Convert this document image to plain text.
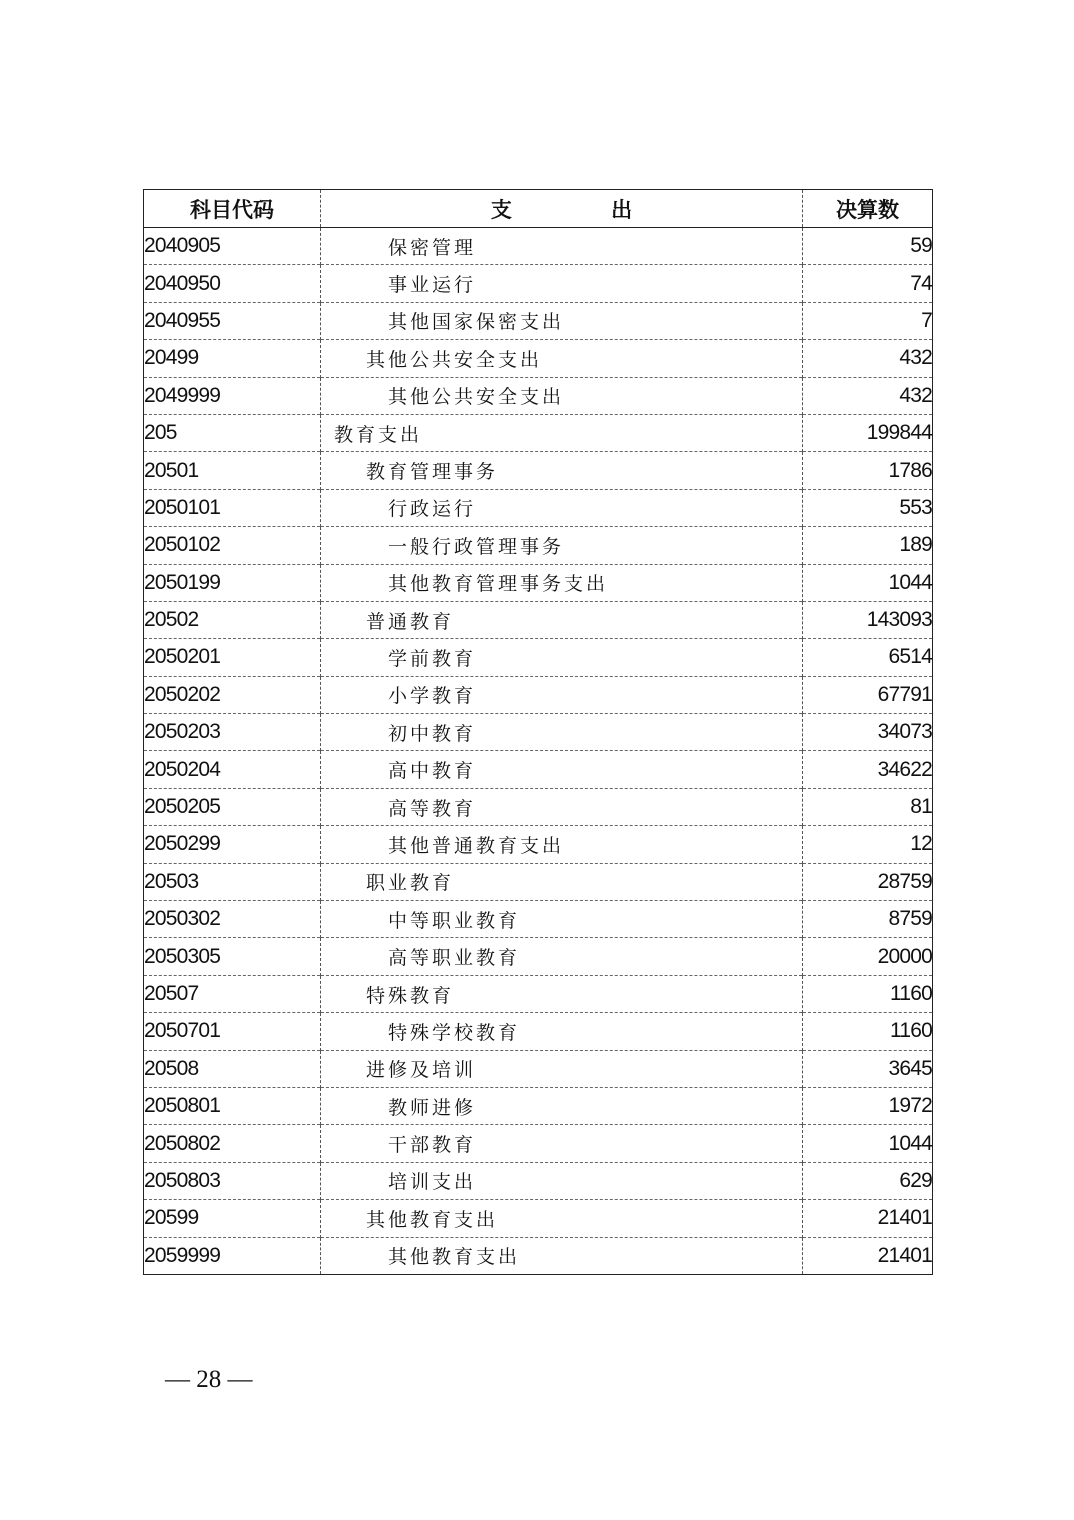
科目代码	支 出	决算数
2040905	保密管理	59
2040950	事业运行	74
2040955	其他国家保密支出	7
20499	其他公共安全支出	432
2049999	其他公共安全支出	432
205	教育支出	199844
20501	教育管理事务	1786
2050101	行政运行	553
2050102	一般行政管理事务	189
2050199	其他教育管理事务支出	1044
20502	普通教育	143093
2050201	学前教育	6514
2050202	小学教育	67791
2050203	初中教育	34073
2050204	高中教育	34622
2050205	高等教育	81
2050299	其他普通教育支出	12
20503	职业教育	28759
2050302	中等职业教育	8759
2050305	高等职业教育	20000
20507	特殊教育	1160
2050701	特殊学校教育	1160
20508	进修及培训	3645
2050801	教师进修	1972
2050802	干部教育	1044
2050803	培训支出	629
20599	其他教育支出	21401
2059999	其他教育支出	21401
— 28 —
